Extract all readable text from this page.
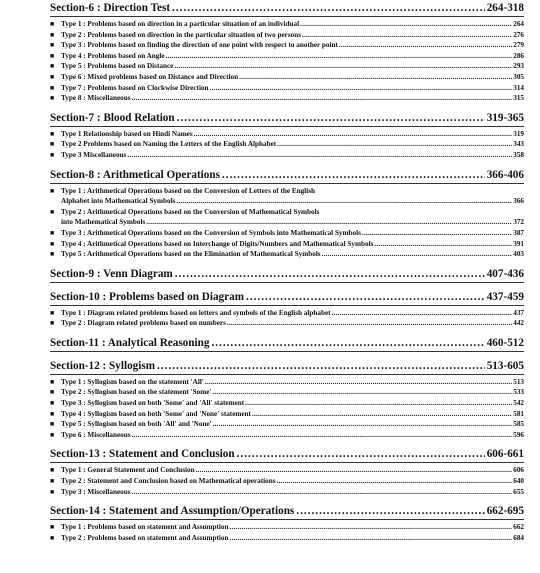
Section-6 : Direction Test .....	264-318
■ Type 1 : Problems based on direction in a particular situation of an individual .....	264
■ Type 2 : Problems based on direction in the particular situation of two persons .....	276
■ Type 3 : Problems based on finding the direction of one point with respect to another point .....	279
■ Type 4 : Problems based on Angle .....	286
■ Type 5 : Problems based on Distance .....	293
■ Type 6 : Mixed problems based on Distance and Direction .....	305
■ Type 7 : Problems based on Clockwise Direction .....	314
■ Type 8 : Miscellaneous .....	315
Section-7 : Blood Relation .....	319-365
■ Type 1 Relationship based on Hindi Names .....	319
■ Type 2 Problems based on Naming the Letters of the English Alphabet .....	343
■ Type 3 Miscellaneous .....	358
Section-8 : Arithmetical Operations .....	366-406
■ Type 1 : Arithmetical Operations based on the Conversion of Letters of the English
Alphabet into Mathematical Symbols .....	366
■ Type 2 : Arithmetical Operations based on the Conversion of Mathematical Symbols
into Mathematical Symbols .....	372
■ Type 3 : Arithmetical Operations based on the Conversion of Symbols into Mathematical Symbols .....	387
■ Type 4 : Arithmetical Operations based on Interchange of Digits/Numbers and Mathematical Symbols .....	391
■ Type 5 : Arithmetical Operations based on the Elimination of Mathematical Symbols .....	403
Section-9 : Venn Diagram .....	407-436
Section-10 : Problems based on Diagram .....	437-459
■ Type 1 : Diagram related problems based on letters and symbols of the English alphabet .....	437
■ Type 2 : Diagram related problems based on numbers .....	442
Section-11 : Analytical Reasoning .....	460-512
Section-12 : Syllogism .....	513-605
■ Type 1 : Syllogism based on the statement 'All' .....	513
■ Type 2 : Syllogism based on the statement 'Some' .....	533
■ Type 3 : Syllogism based on both 'Some' and 'All' statement .....	542
■ Type 4 : Syllogism based on both 'Some' and 'None' statement .....	581
■ Type 5 : Syllogism based on both 'All' and 'None' .....	585
■ Type 6 : Miscellaneous .....	596
Section-13 : Statement and Conclusion .....	606-661
■ Type 1 : General Statement and Conclusion .....	606
■ Type 2 : Statement and Conclusion based on Mathematical operations .....	640
■ Type 3 : Miscellaneous .....	655
Section-14 : Statement and Assumption/Operations .....	662-695
■ Type 1 : Problems based on statement and Assumption .....	662
■ Type 2 : Problems based on statement and Assumption .....	684
